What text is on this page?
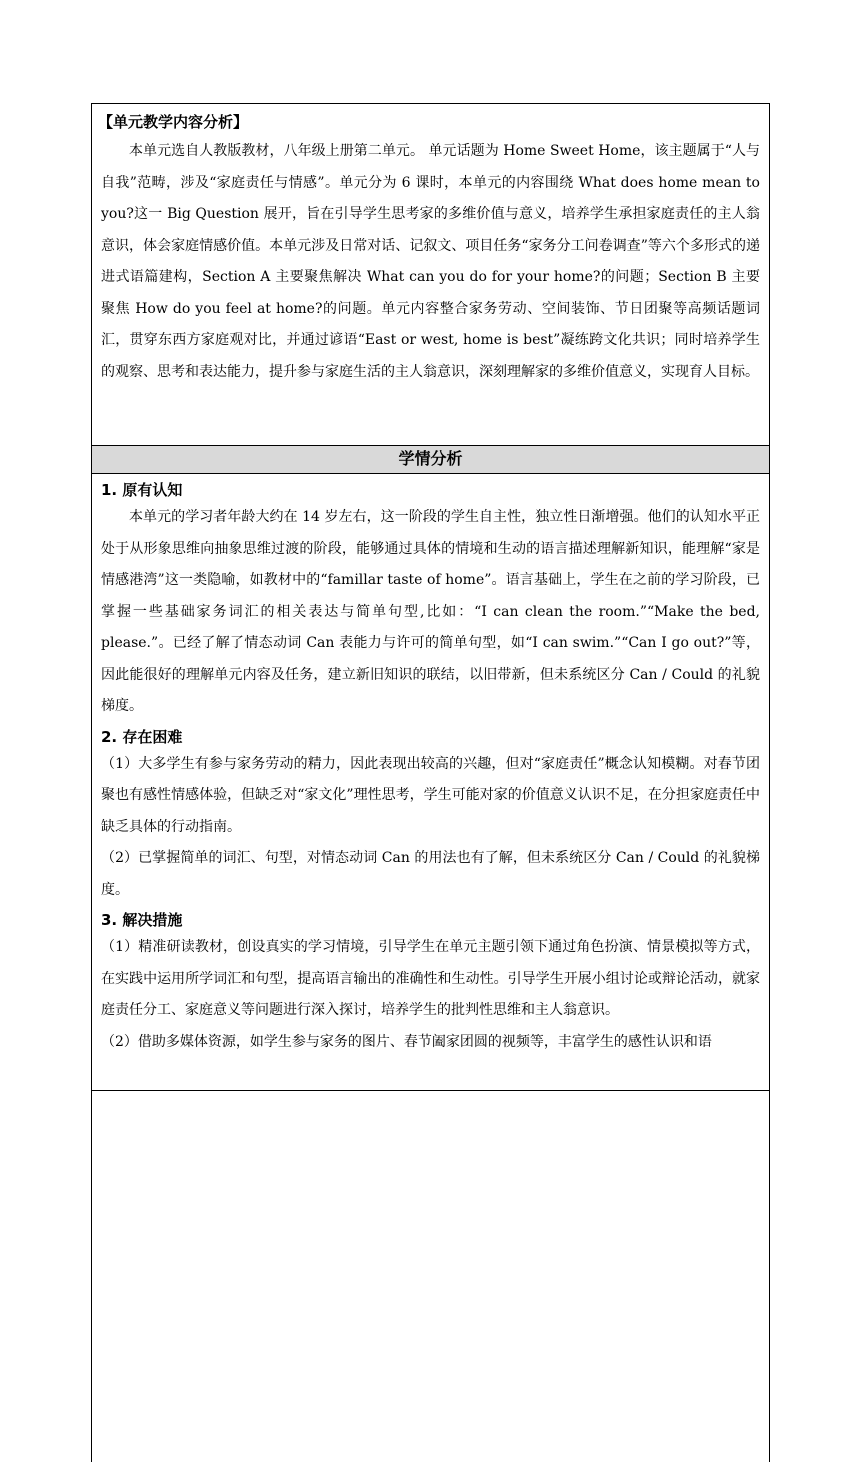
【单元教学内容分析】

本单元选自人教版教材，八年级上册第二单元。 单元话题为 Home Sweet Home，该主题属于“人与自我”范畴，涉及“家庭责任与情感”。单元分为 6 课时，本单元的内容围绕 What does home mean to you?这一 Big Question 展开，旨在引导学生思考家的多维价值与意义，培养学生承担家庭责任的主人翁意识，体会家庭情感价值。本单元涉及日常对话、记叙文、项目任务“家务分工问卷调查”等六个多形式的递进式语篇建构，Section A 主要聚焦解决 What can you do for your home?的问题；Section B 主要聚焦 How do you feel at home?的问题。单元内容整合家务劳动、空间装饰、节日团聚等高频话题词汇，贯穿东西方家庭观对比，并通过谚语“East or west, home is best”凝练跨文化共识；同时培养学生的观察、思考和表达能力，提升参与家庭生活的主人翁意识，深刻理解家的多维价值意义，实现育人目标。

学情分析

1. 原有认知

本单元的学习者年龄大约在 14 岁左右，这一阶段的学生自主性，独立性日渐增强。他们的认知水平正处于从形象思维向抽象思维过渡的阶段，能够通过具体的情境和生动的语言描述理解新知识，能理解“家是情感港湾”这一类隐喻，如教材中的“famillar taste of home”。语言基础上，学生在之前的学习阶段，已掌握一些基础家务词汇的相关表达与简单句型,比如：“I can clean the room.”“Make the bed, please.”。已经了解了情态动词 Can 表能力与许可的简单句型，如“I can swim.”“Can I go out?”等，因此能很好的理解单元内容及任务，建立新旧知识的联结，以旧带新，但未系统区分 Can / Could 的礼貌梯度。

2. 存在困难

（1）大多学生有参与家务劳动的精力，因此表现出较高的兴趣，但对“家庭责任”概念认知模糊。对春节团聚也有感性情感体验，但缺乏对“家文化”理性思考，学生可能对家的价值意义认识不足，在分担家庭责任中缺乏具体的行动指南。

（2）已掌握简单的词汇、句型，对情态动词 Can 的用法也有了解，但未系统区分 Can / Could 的礼貌梯度。

3. 解决措施

（1）精准研读教材，创设真实的学习情境，引导学生在单元主题引领下通过角色扮演、情景模拟等方式，在实践中运用所学词汇和句型，提高语言输出的准确性和生动性。引导学生开展小组讨论或辩论活动，就家庭责任分工、家庭意义等问题进行深入探讨，培养学生的批判性思维和主人翁意识。

（2）借助多媒体资源，如学生参与家务的图片、春节阖家团圆的视频等，丰富学生的感性认识和语
